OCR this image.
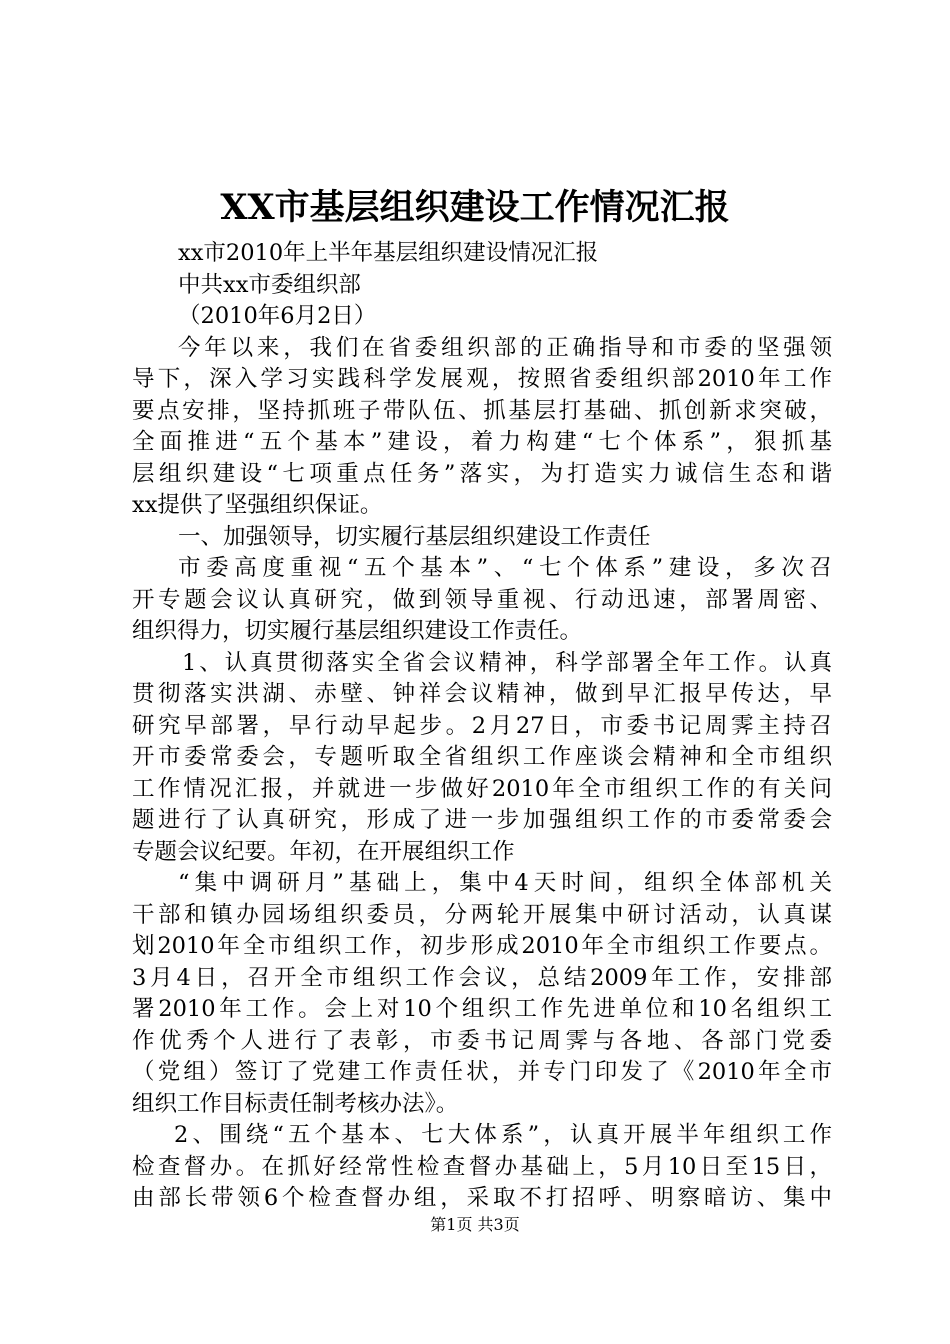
XX市基层组织建设工作情况汇报
xx市2010年上半年基层组织建设情况汇报
中共xx市委组织部
（2010年6月2日）
今年以来，我们在省委组织部的正确指导和市委的坚强领
导下，深入学习实践科学发展观，按照省委组织部2010年工作
要点安排，坚持抓班子带队伍、抓基层打基础、抓创新求突破，
全面推进“五个基本”建设，着力构建“七个体系”，狠抓基
层组织建设“七项重点任务”落实，为打造实力诚信生态和谐
xx提供了坚强组织保证。
一、加强领导，切实履行基层组织建设工作责任
市委高度重视“五个基本”、“七个体系”建设，多次召
开专题会议认真研究，做到领导重视、行动迅速，部署周密、
组织得力，切实履行基层组织建设工作责任。
1、认真贯彻落实全省会议精神，科学部署全年工作。认真
贯彻落实洪湖、赤壁、钟祥会议精神，做到早汇报早传达，早
研究早部署，早行动早起步。2月27日，市委书记周霁主持召
开市委常委会，专题听取全省组织工作座谈会精神和全市组织
工作情况汇报，并就进一步做好2010年全市组织工作的有关问
题进行了认真研究，形成了进一步加强组织工作的市委常委会
专题会议纪要。年初，在开展组织工作
“集中调研月”基础上，集中4天时间，组织全体部机关
干部和镇办园场组织委员，分两轮开展集中研讨活动，认真谋
划2010年全市组织工作，初步形成2010年全市组织工作要点。
3月4日，召开全市组织工作会议，总结2009年工作，安排部
署2010年工作。会上对10个组织工作先进单位和10名组织工
作优秀个人进行了表彰，市委书记周霁与各地、各部门党委
（党组）签订了党建工作责任状，并专门印发了《2010年全市
组织工作目标责任制考核办法》。
2、围绕“五个基本、七大体系”，认真开展半年组织工作
检查督办。在抓好经常性检查督办基础上，5月10日至15日，
由部长带领6个检查督办组，采取不打招呼、明察暗访、集中
第1页 共3页
